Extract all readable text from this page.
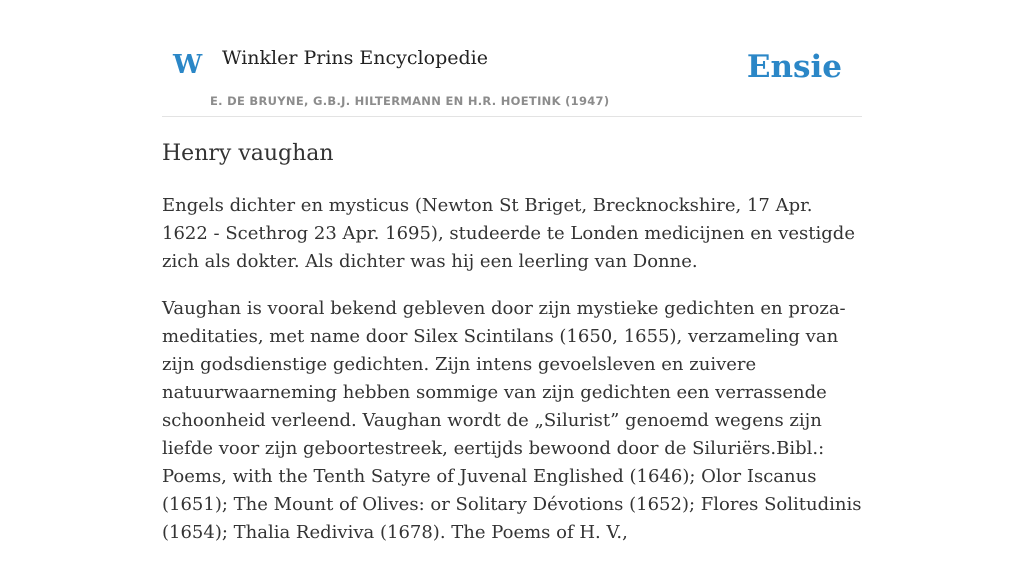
W Winkler Prins Encyclopedie
E. DE BRUYNE, G.B.J. HILTERMANN EN H.R. HOETINK (1947)
Ensie
Henry vaughan

Engels dichter en mysticus (Newton St Briget, Brecknockshire, 17 Apr. 1622 - Scethrog 23 Apr. 1695), studeerde te Londen medicijnen en vestigde zich als dokter. Als dichter was hij een leerling van Donne.

Vaughan is vooral bekend gebleven door zijn mystieke gedichten en proza-meditaties, met name door Silex Scintilans (1650, 1655), verzameling van zijn godsdienstige gedichten. Zijn intens gevoelsleven en zuivere natuurwaarneming hebben sommige van zijn gedichten een verrassende schoonheid verleend. Vaughan wordt de „Silurist” genoemd wegens zijn liefde voor zijn geboortestreek, eertijds bewoond door de Siluriërs.Bibl.: Poems, with the Tenth Satyre of Juvenal Englished (1646); Olor Iscanus (1651); The Mount of Olives: or Solitary Dévotions (1652); Flores Solitudinis (1654); Thalia Rediviva (1678). The Poems of H. V.,
